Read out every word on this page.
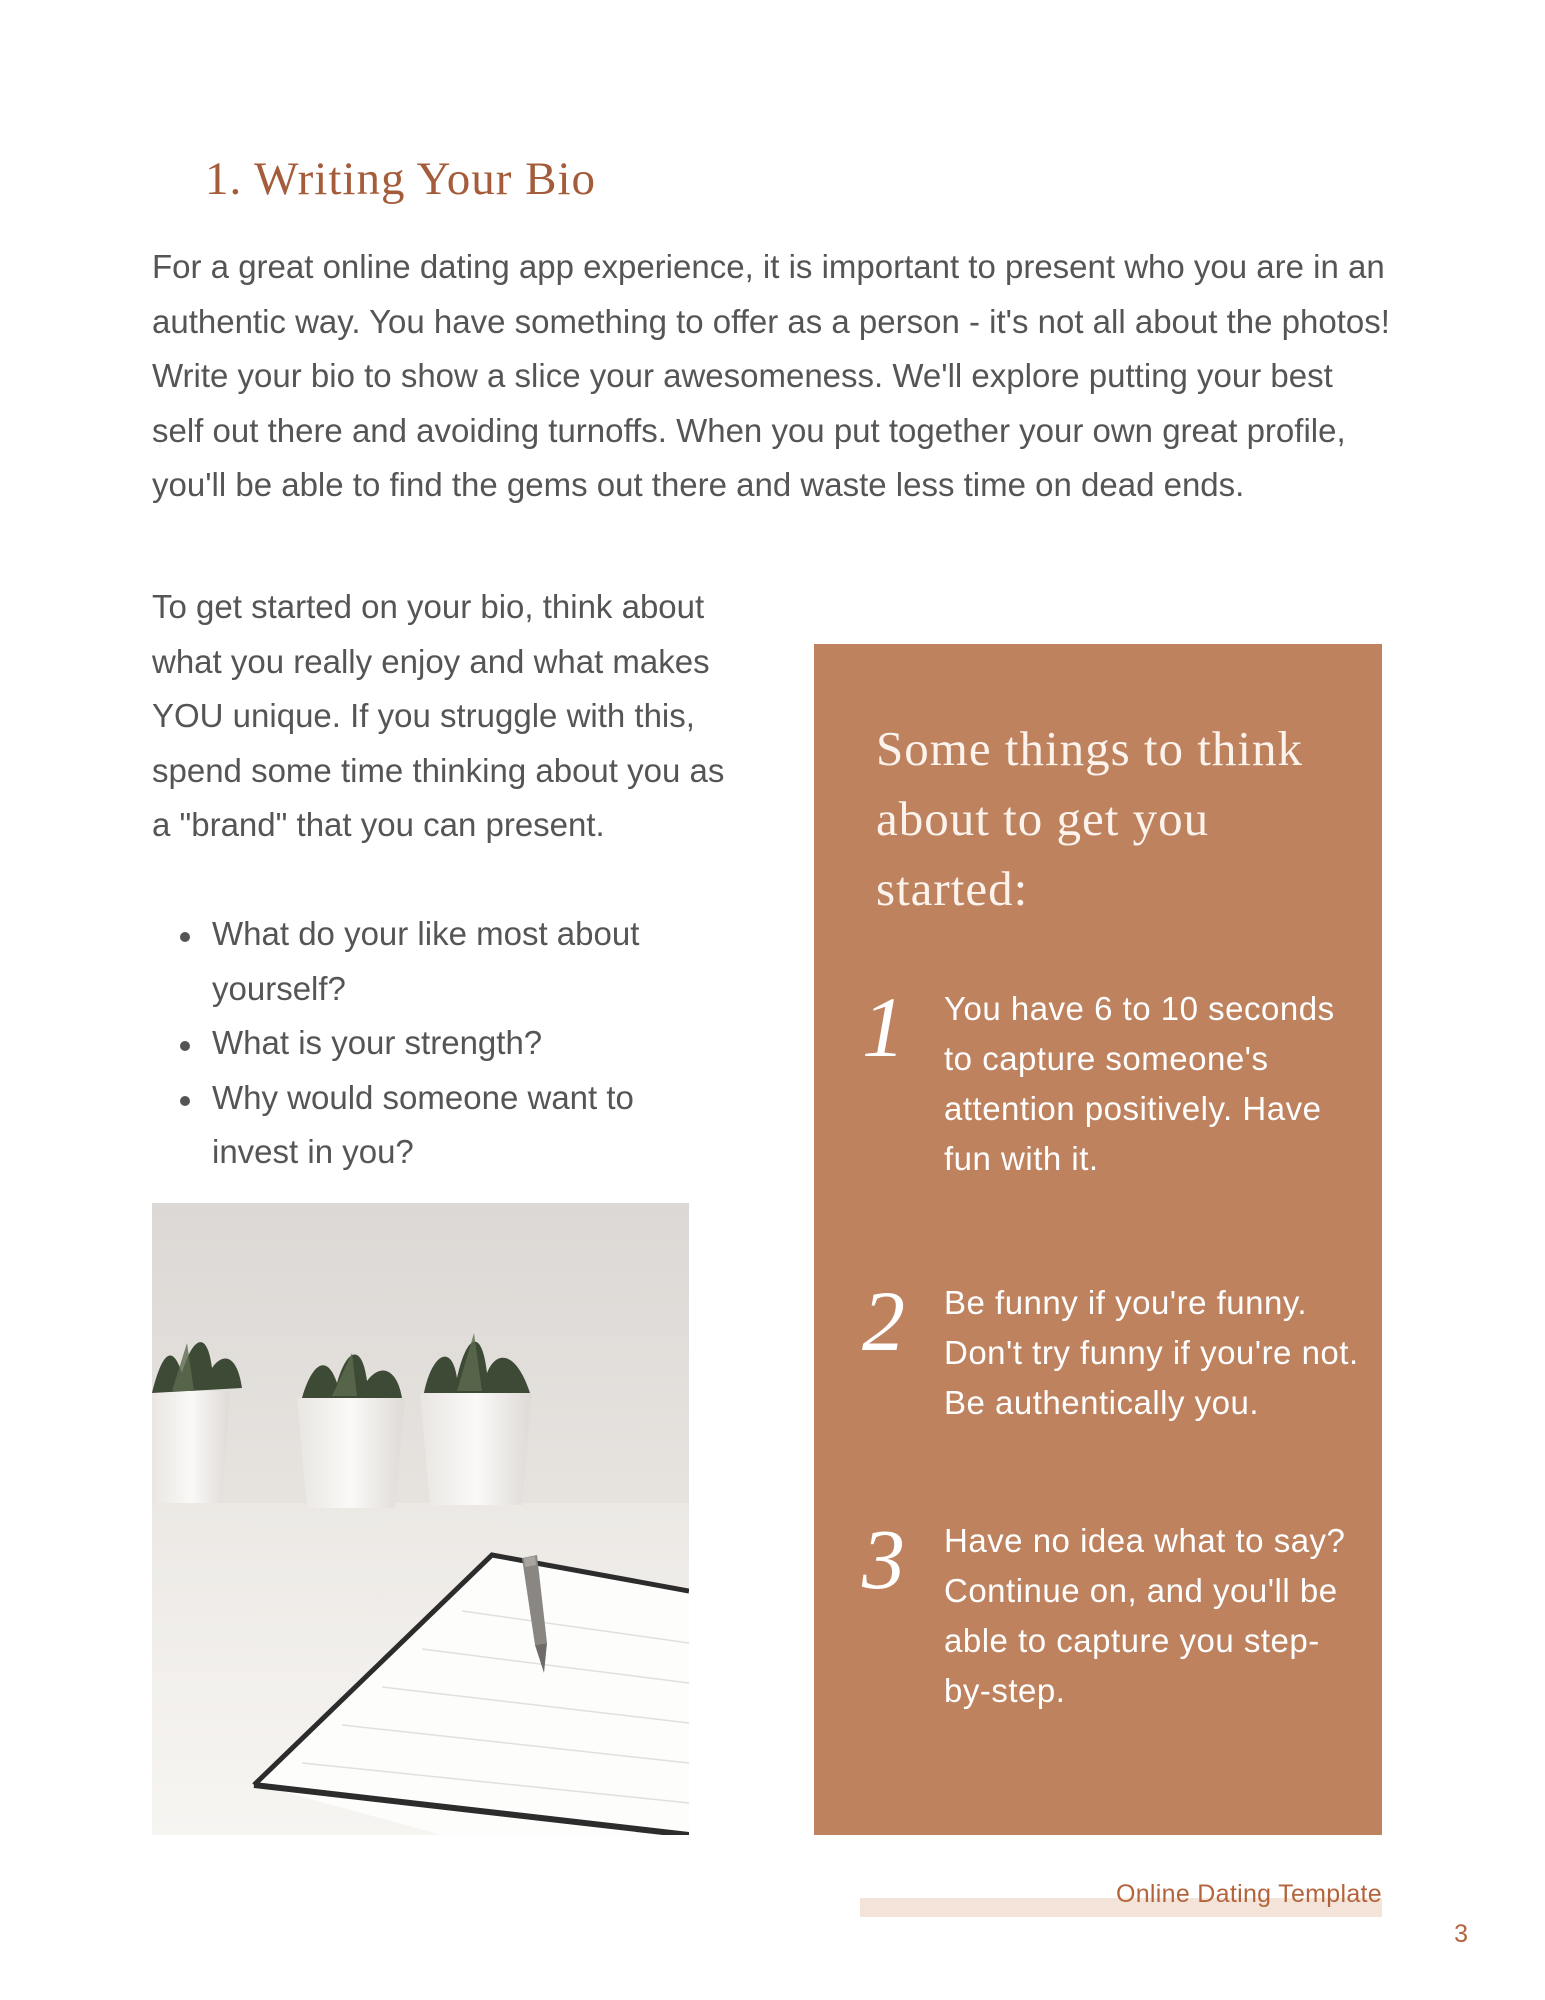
1. Writing Your Bio

For a great online dating app experience, it is important to present who you are in an authentic way. You have something to offer as a person - it's not all about the photos! Write your bio to show a slice your awesomeness. We'll explore putting your best self out there and avoiding turnoffs. When you put together your own great profile, you'll be able to find the gems out there and waste less time on dead ends.

To get started on your bio, think about what you really enjoy and what makes YOU unique. If you struggle with this, spend some time thinking about you as a "brand" that you can present.

What do your like most about yourself?
What is your strength?
Why would someone want to invest in you?
Some things to think about to get you started:
1	You have 6 to 10 seconds to capture someone's attention positively. Have fun with it.

2	Be funny if you're funny. Don't try funny if you're not. Be authentically you.

3	Have no idea what to say? Continue on, and you'll be able to capture you step-by-step.

Online Dating Template
3
